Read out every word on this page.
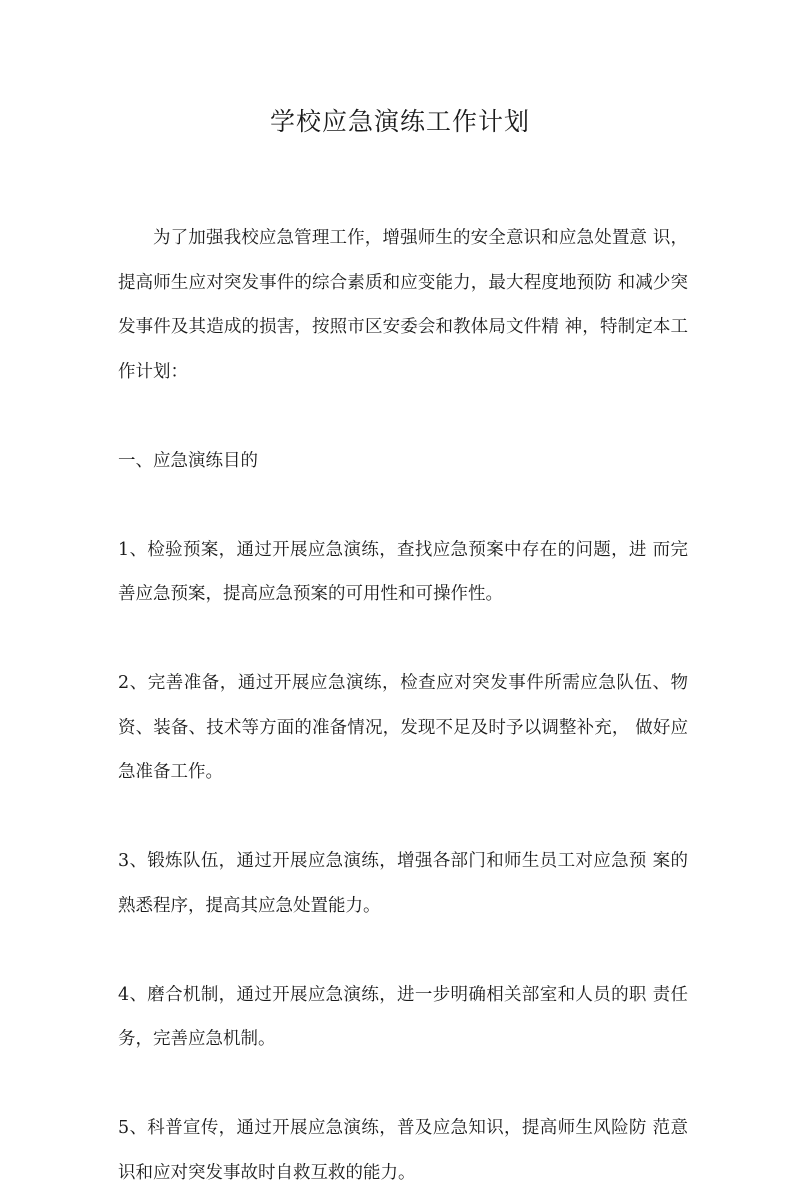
学校应急演练工作计划

为了加强我校应急管理工作，增强师生的安全意识和应急处置意 识，提高师生应对突发事件的综合素质和应变能力，最大程度地预防 和减少突发事件及其造成的损害，按照市区安委会和教体局文件精 神，特制定本工作计划：

一、应急演练目的

1、检验预案，通过开展应急演练，查找应急预案中存在的问题，进 而完善应急预案，提高应急预案的可用性和可操作性。

2、完善准备，通过开展应急演练，检查应对突发事件所需应急队伍、物资、装备、技术等方面的准备情况，发现不足及时予以调整补充， 做好应急准备工作。

3、锻炼队伍，通过开展应急演练，增强各部门和师生员工对应急预 案的熟悉程序，提高其应急处置能力。

4、磨合机制，通过开展应急演练，进一步明确相关部室和人员的职 责任务，完善应急机制。

5、科普宣传，通过开展应急演练，普及应急知识，提高师生风险防 范意识和应对突发事故时自救互救的能力。
